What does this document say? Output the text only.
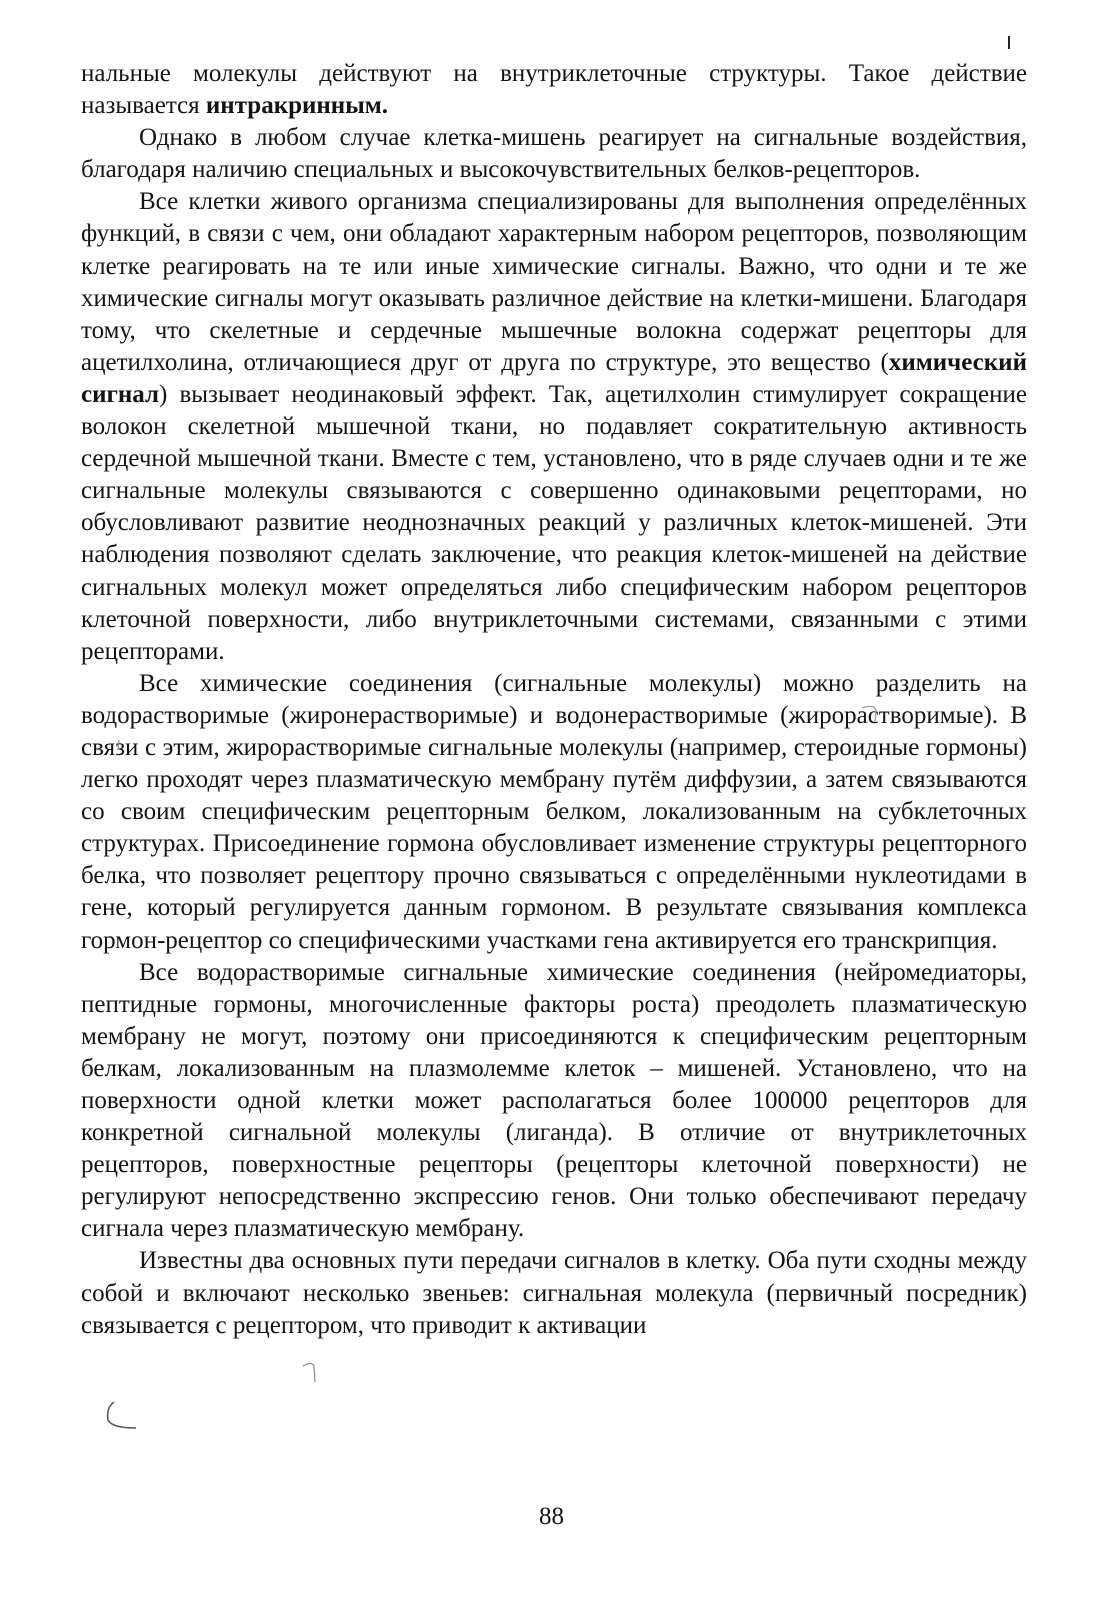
нальные молекулы действуют на внутриклеточные структуры. Такое действие называется интракринным.

Однако в любом случае клетка-мишень реагирует на сигнальные воздействия, благодаря наличию специальных и высокочувствительных белков-рецепторов.

Все клетки живого организма специализированы для выполнения определённых функций, в связи с чем, они обладают характерным набором рецепторов, позволяющим клетке реагировать на те или иные химические сигналы. Важно, что одни и те же химические сигналы могут оказывать различное действие на клетки-мишени. Благодаря тому, что скелетные и сердечные мышечные волокна содержат рецепторы для ацетилхолина, отличающиеся друг от друга по структуре, это вещество (химический сигнал) вызывает неодинаковый эффект. Так, ацетилхолин стимулирует сокращение волокон скелетной мышечной ткани, но подавляет сократительную активность сердечной мышечной ткани. Вместе с тем, установлено, что в ряде случаев одни и те же сигнальные молекулы связываются с совершенно одинаковыми рецепторами, но обусловливают развитие неоднозначных реакций у различных клеток-мишеней. Эти наблюдения позволяют сделать заключение, что реакция клеток-мишеней на действие сигнальных молекул может определяться либо специфическим набором рецепторов клеточной поверхности, либо внутриклеточными системами, связанными с этими рецепторами.

Все химические соединения (сигнальные молекулы) можно разделить на водорастворимые (жиронерастворимые) и водонерастворимые (жирорастворимые). В связи с этим, жирорастворимые сигнальные молекулы (например, стероидные гормоны) легко проходят через плазматическую мембрану путём диффузии, а затем связываются со своим специфическим рецепторным белком, локализованным на субклеточных структурах. Присоединение гормона обусловливает изменение структуры рецепторного белка, что позволяет рецептору прочно связываться с определёнными нуклеотидами в гене, который регулируется данным гормоном. В результате связывания комплекса гормон-рецептор со специфическими участками гена активируется его транскрипция.

Все водорастворимые сигнальные химические соединения (нейромедиаторы, пептидные гормоны, многочисленные факторы роста) преодолеть плазматическую мембрану не могут, поэтому они присоединяются к специфическим рецепторным белкам, локализованным на плазмолемме клеток – мишеней. Установлено, что на поверхности одной клетки может располагаться более 100000 рецепторов для конкретной сигнальной молекулы (лиганда). В отличие от внутриклеточных рецепторов, поверхностные рецепторы (рецепторы клеточной поверхности) не регулируют непосредственно экспрессию генов. Они только обеспечивают передачу сигнала через плазматическую мембрану.

Известны два основных пути передачи сигналов в клетку. Оба пути сходны между собой и включают несколько звеньев: сигнальная молекула (первичный посредник) связывается с рецептором, что приводит к активации

88
